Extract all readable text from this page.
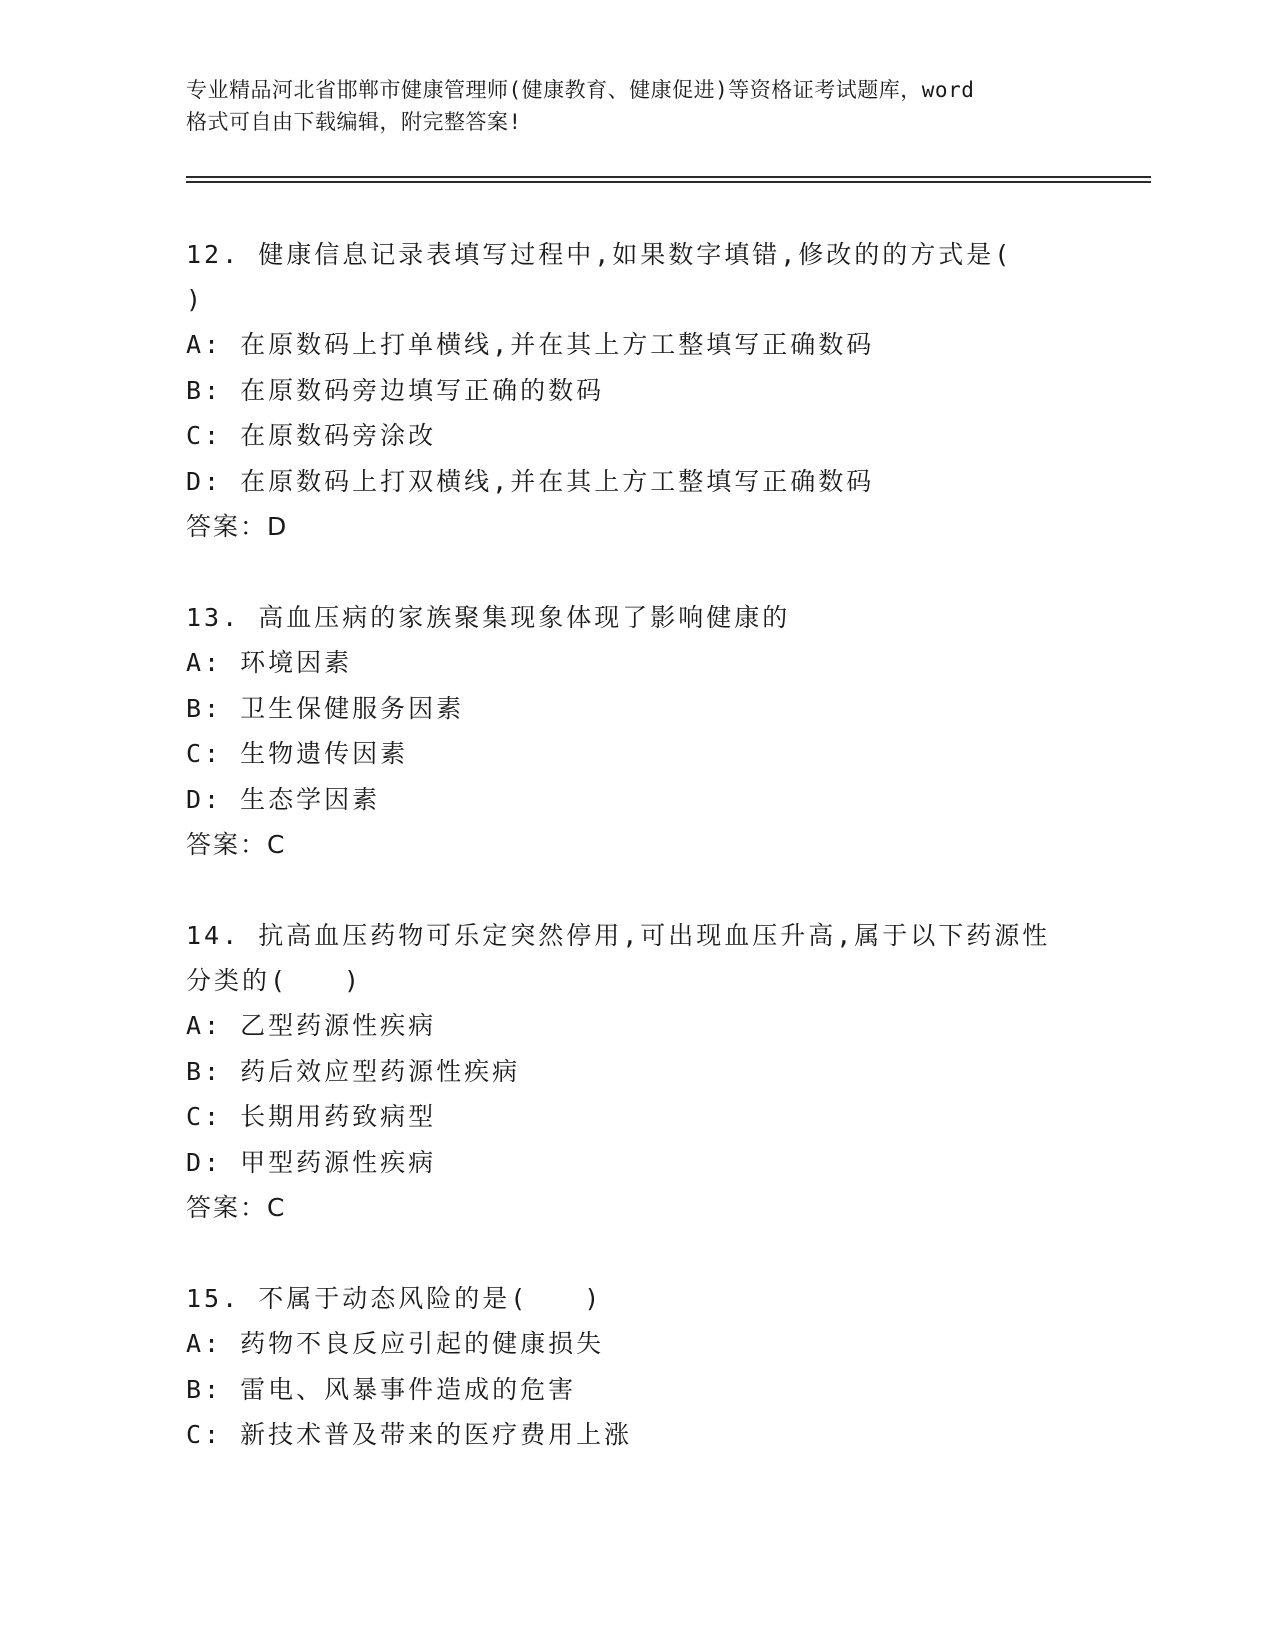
专业精品河北省邯郸市健康管理师(健康教育、健康促进)等资格证考试题库，word
格式可自由下载编辑，附完整答案!
12. 健康信息记录表填写过程中,如果数字填错,修改的的方式是(
)
A: 在原数码上打单横线,并在其上方工整填写正确数码
B: 在原数码旁边填写正确的数码
C: 在原数码旁涂改
D: 在原数码上打双横线,并在其上方工整填写正确数码
答案：D
13. 高血压病的家族聚集现象体现了影响健康的
A: 环境因素
B: 卫生保健服务因素
C: 生物遗传因素
D: 生态学因素
答案：C
14. 抗高血压药物可乐定突然停用,可出现血压升高,属于以下药源性
分类的(　　)
A: 乙型药源性疾病
B: 药后效应型药源性疾病
C: 长期用药致病型
D: 甲型药源性疾病
答案：C
15. 不属于动态风险的是(　　)
A: 药物不良反应引起的健康损失
B: 雷电、风暴事件造成的危害
C: 新技术普及带来的医疗费用上涨
